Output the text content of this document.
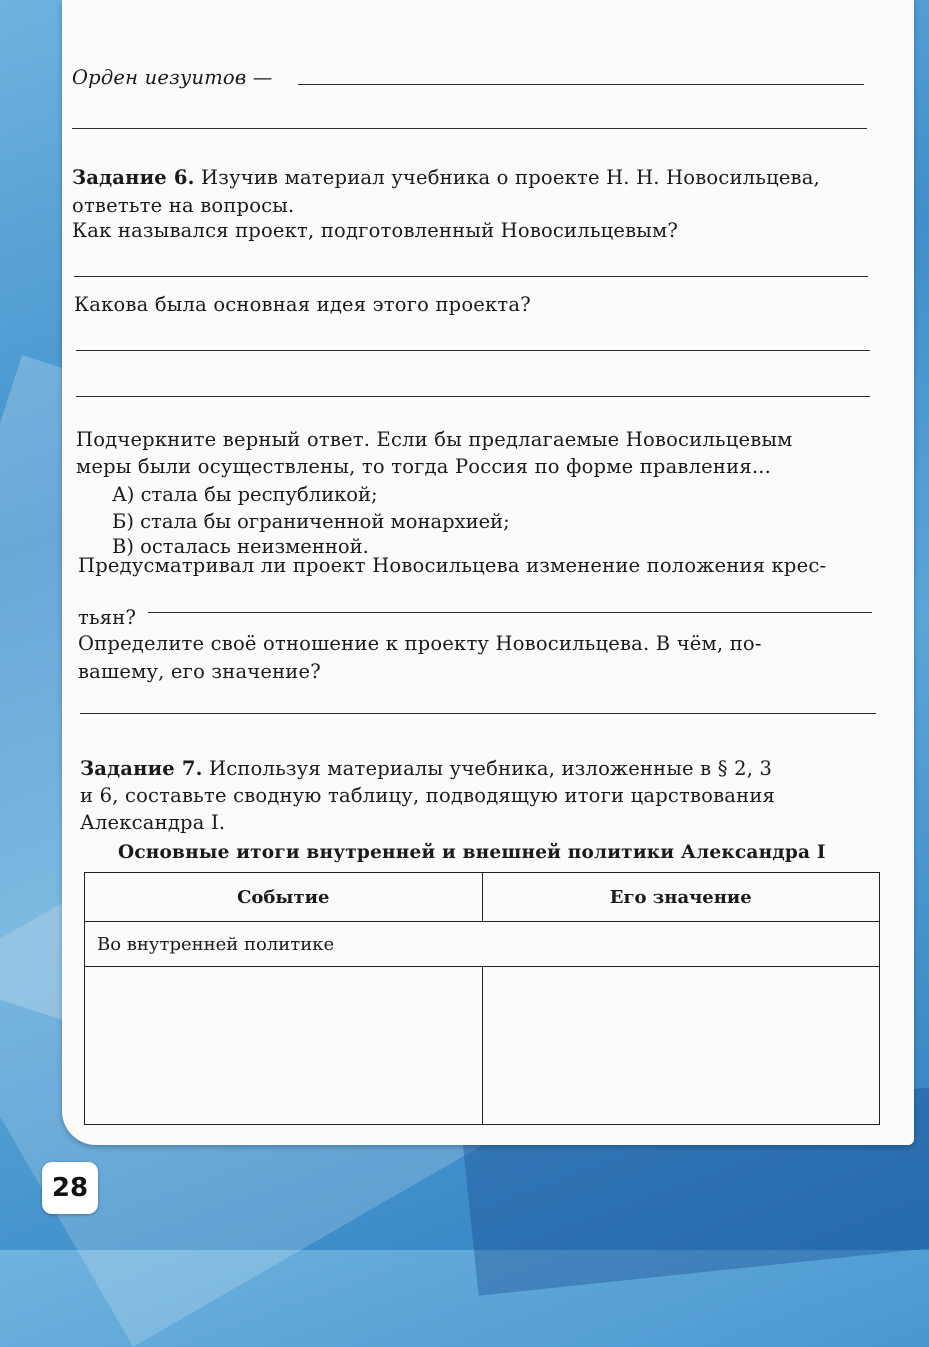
Орден иезуитов —
Задание 6. Изучив материал учебника о проекте Н. Н. Новосильцева,
ответьте на вопросы.
Как назывался проект, подготовленный Новосильцевым?
Какова была основная идея этого проекта?
Подчеркните верный ответ. Если бы предлагаемые Новосильцевым
меры были осуществлены, то тогда Россия по форме правления...
А) стала бы республикой;
Б) стала бы ограниченной монархией;
В) осталась неизменной.
Предусматривал ли проект Новосильцева изменение положения крес-
тьян?
Определите своё отношение к проекту Новосильцева. В чём, по-
вашему, его значение?
Задание 7. Используя материалы учебника, изложенные в § 2, 3
и 6, составьте сводную таблицу, подводящую итоги царствования
Александра I.
Основные итоги внутренней и внешней политики Александра I
Событие	Его значение
Во внутренней политике	

28
